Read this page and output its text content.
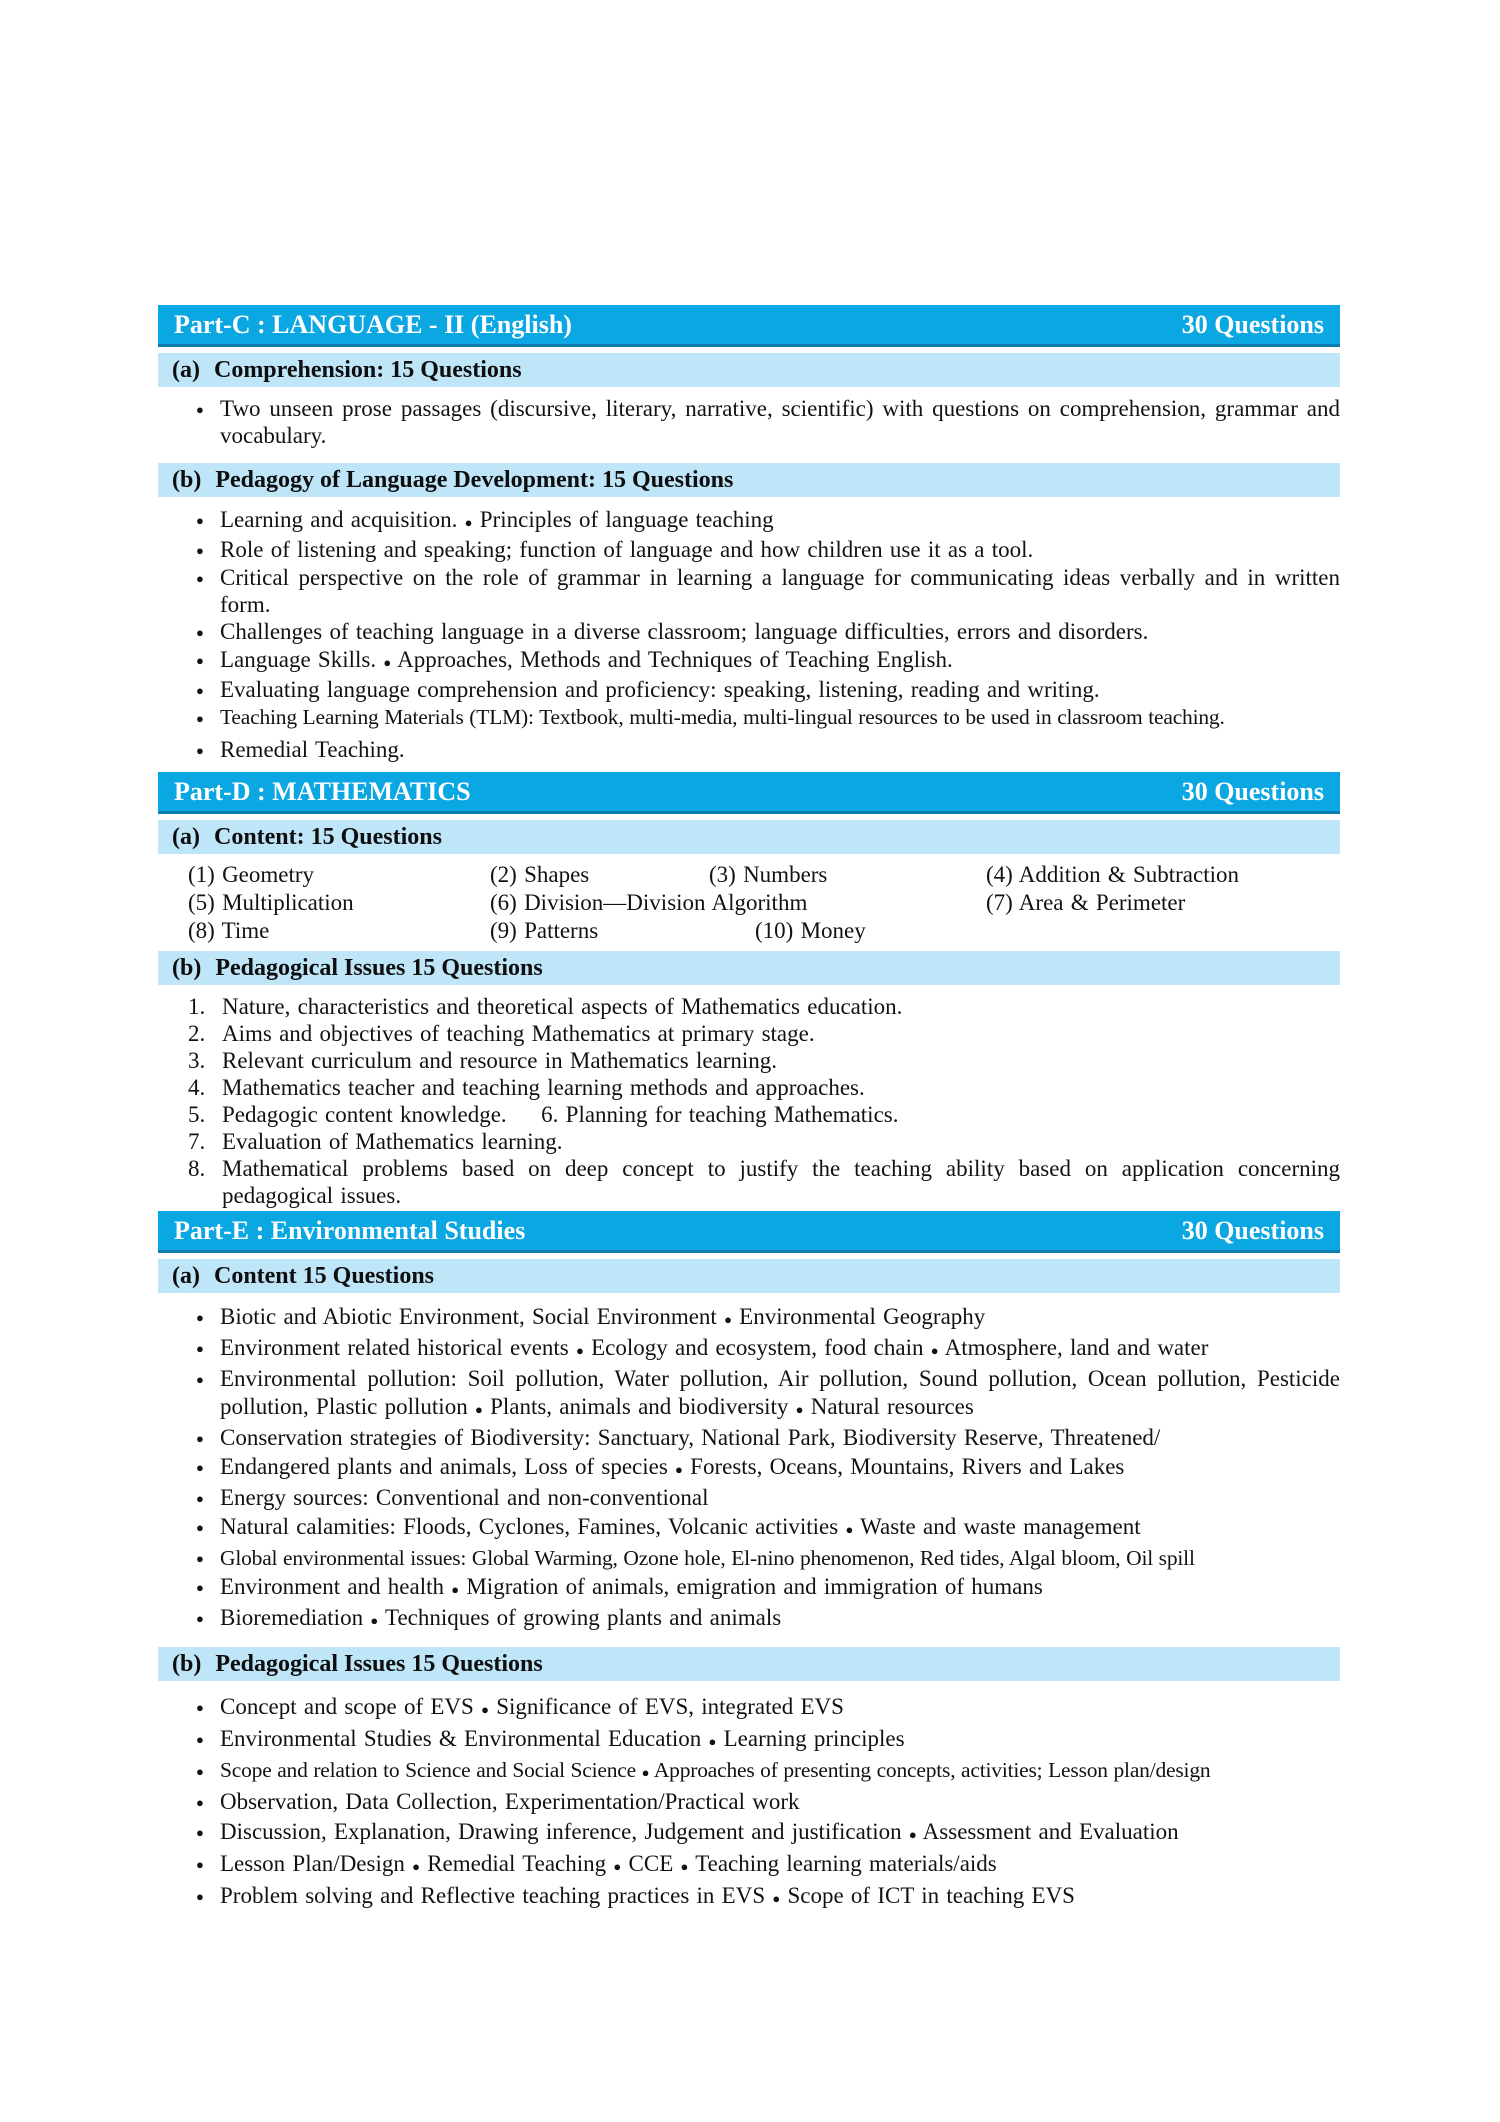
Part-C : LANGUAGE - II (English)	30 Questions
(a) Comprehension: 15 Questions
● Two unseen prose passages (discursive, literary, narrative, scientific) with questions on comprehension, grammar and vocabulary.
(b) Pedagogy of Language Development: 15 Questions
● Learning and acquisition. ● Principles of language teaching
● Role of listening and speaking; function of language and how children use it as a tool.
● Critical perspective on the role of grammar in learning a language for communicating ideas verbally and in written form.
● Challenges of teaching language in a diverse classroom; language difficulties, errors and disorders.
● Language Skills. ● Approaches, Methods and Techniques of Teaching English.
● Evaluating language comprehension and proficiency: speaking, listening, reading and writing.
● Teaching Learning Materials (TLM): Textbook, multi-media, multi-lingual resources to be used in classroom teaching.
● Remedial Teaching.
Part-D : MATHEMATICS	30 Questions
(a) Content: 15 Questions
(1) Geometry	(2) Shapes	(3) Numbers	(4) Addition & Subtraction
(5) Multiplication	(6) Division—Division Algorithm	(7) Area & Perimeter
(8) Time	(9) Patterns	(10) Money
(b) Pedagogical Issues 15 Questions
1. Nature, characteristics and theoretical aspects of Mathematics education.
2. Aims and objectives of teaching Mathematics at primary stage.
3. Relevant curriculum and resource in Mathematics learning.
4. Mathematics teacher and teaching learning methods and approaches.
5. Pedagogic content knowledge.  6. Planning for teaching Mathematics.
7. Evaluation of Mathematics learning.
8. Mathematical problems based on deep concept to justify the teaching ability based on application concerning pedagogical issues.
Part-E : Environmental Studies	30 Questions
(a) Content 15 Questions
● Biotic and Abiotic Environment, Social Environment ● Environmental Geography
● Environment related historical events ● Ecology and ecosystem, food chain ● Atmosphere, land and water
● Environmental pollution: Soil pollution, Water pollution, Air pollution, Sound pollution, Ocean pollution, Pesticide pollution, Plastic pollution ● Plants, animals and biodiversity ● Natural resources
● Conservation strategies of Biodiversity: Sanctuary, National Park, Biodiversity Reserve, Threatened/
● Endangered plants and animals, Loss of species ● Forests, Oceans, Mountains, Rivers and Lakes
● Energy sources: Conventional and non-conventional
● Natural calamities: Floods, Cyclones, Famines, Volcanic activities ● Waste and waste management
● Global environmental issues: Global Warming, Ozone hole, El-nino phenomenon, Red tides, Algal bloom, Oil spill
● Environment and health ● Migration of animals, emigration and immigration of humans
● Bioremediation ● Techniques of growing plants and animals
(b) Pedagogical Issues 15 Questions
● Concept and scope of EVS ● Significance of EVS, integrated EVS
● Environmental Studies & Environmental Education ● Learning principles
● Scope and relation to Science and Social Science ● Approaches of presenting concepts, activities; Lesson plan/design
● Observation, Data Collection, Experimentation/Practical work
● Discussion, Explanation, Drawing inference, Judgement and justification ● Assessment and Evaluation
● Lesson Plan/Design ● Remedial Teaching ● CCE ● Teaching learning materials/aids
● Problem solving and Reflective teaching practices in EVS ● Scope of ICT in teaching EVS
